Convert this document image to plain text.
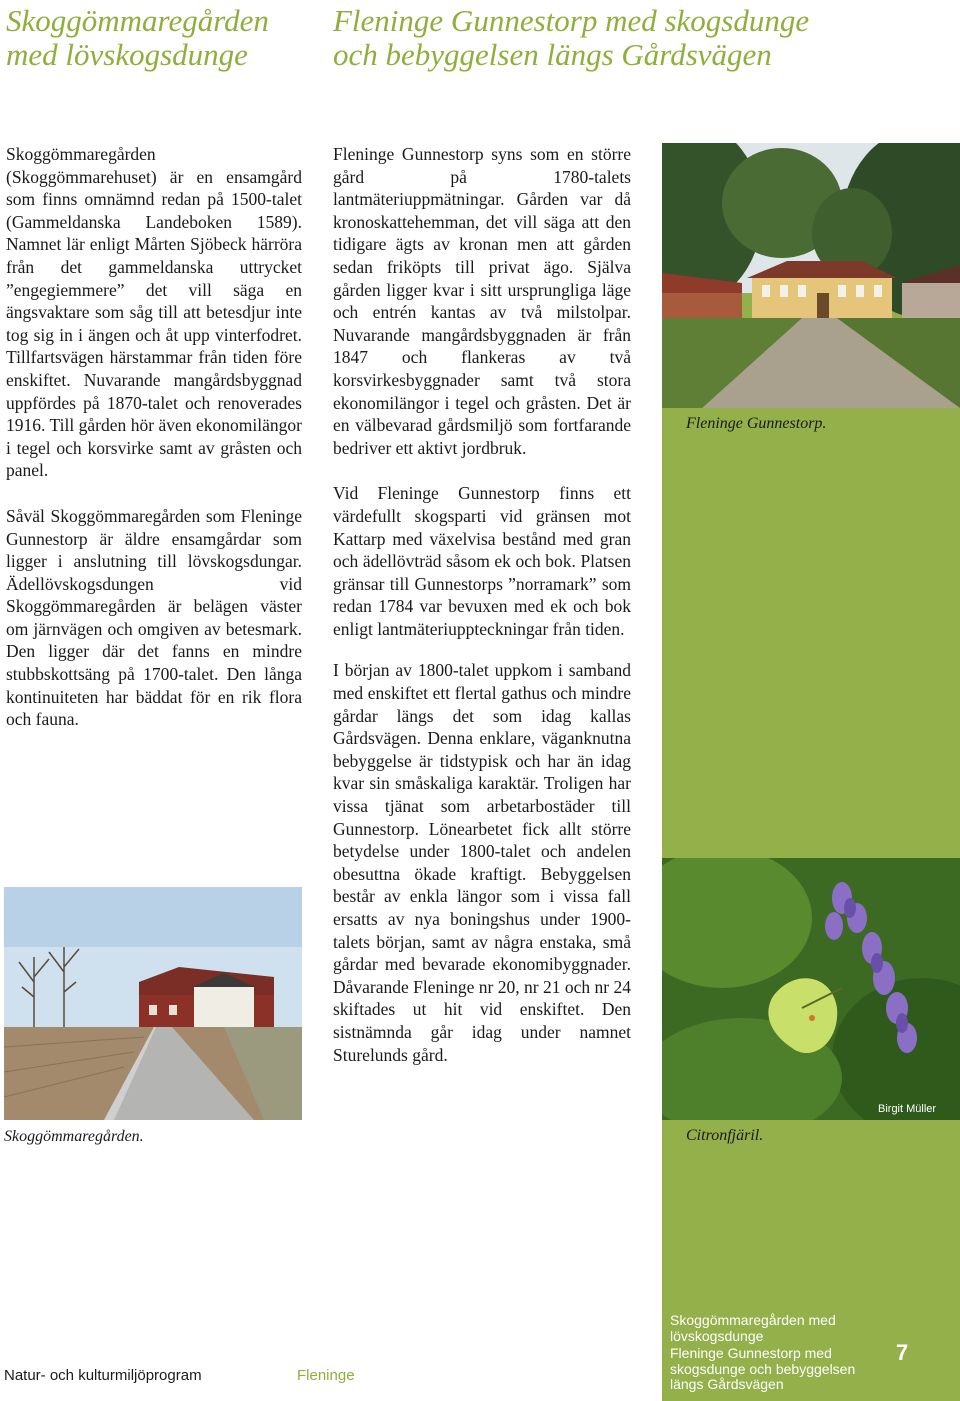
Skoggömmaregården
med lövskogsdunge
Fleninge Gunnestorp med skogsdunge
och bebyggelsen längs Gårdsvägen

Skoggömmaregården (Skoggömmarehuset) är en ensamgård som finns omnämnd redan på 1500-talet (Gammeldanska Landeboken 1589). Namnet lär enligt Mårten Sjöbeck härröra från det gammeldanska uttrycket ”engegiemmere” det vill säga en ängsvaktare som såg till att betesdjur inte tog sig in i ängen och åt upp vinterfodret. Tillfartsvägen härstammar från tiden före enskiftet. Nuvarande mangårdsbyggnad uppfördes på 1870-talet och renoverades 1916. Till gården hör även ekonomilängor i tegel och korsvirke samt av gråsten och panel.

Såväl Skoggömmaregården som Fleninge Gunnestorp är äldre ensamgårdar som ligger i anslutning till lövskogsdungar. Ädellövskogsdungen vid Skoggömmaregården är belägen väster om järnvägen och omgiven av betesmark. Den ligger där det fanns en mindre stubbskottsäng på 1700-talet. Den långa kontinuiteten har bäddat för en rik flora och fauna.

Skoggömmaregården.

Fleninge Gunnestorp syns som en större gård på 1780-talets lantmäteriuppmätningar. Gården var då kronoskattehemman, det vill säga att den tidigare ägts av kronan men att gården sedan friköpts till privat ägo. Själva gården ligger kvar i sitt ursprungliga läge och entrén kantas av två milstolpar. Nuvarande mangårdsbyggnaden är från 1847 och flankeras av två korsvirkesbyggnader samt två stora ekonomilängor i tegel och gråsten. Det är en välbevarad gårdsmiljö som fortfarande bedriver ett aktivt jordbruk.

Vid Fleninge Gunnestorp finns ett värdefullt skogsparti vid gränsen mot Kattarp med växelvisa bestånd med gran och ädellövträd såsom ek och bok. Platsen gränsar till Gunnestorps ”norramark” som redan 1784 var bevuxen med ek och bok enligt lantmäteriuppteckningar från tiden.

I början av 1800-talet uppkom i samband med enskiftet ett flertal gathus och mindre gårdar längs det som idag kallas Gårdsvägen. Denna enklare, väganknutna bebyggelse är tidstypisk och har än idag kvar sin småskaliga karaktär. Troligen har vissa tjänat som arbetarbostäder till Gunnestorp. Lönearbetet fick allt större betydelse under 1800-talet och andelen obesuttna ökade kraftigt. Bebyggelsen består av enkla längor som i vissa fall ersatts av nya boningshus under 1900-talets början, samt av några enstaka, små gårdar med bevarade ekonomibyggnader. Dåvarande Fleninge nr 20, nr 21 och nr 24 skiftades ut hit vid enskiftet. Den sistnämnda går idag under namnet Sturelunds gård.

Fleninge Gunnestorp.
Birgit Müller
Citronfjäril.
Natur- och kulturmiljöprogram	Fleninge
Skoggömmaregården med lövskogsdunge
Fleninge Gunnestorp med skogsdunge och bebyggelsen längs Gårdsvägen
7
